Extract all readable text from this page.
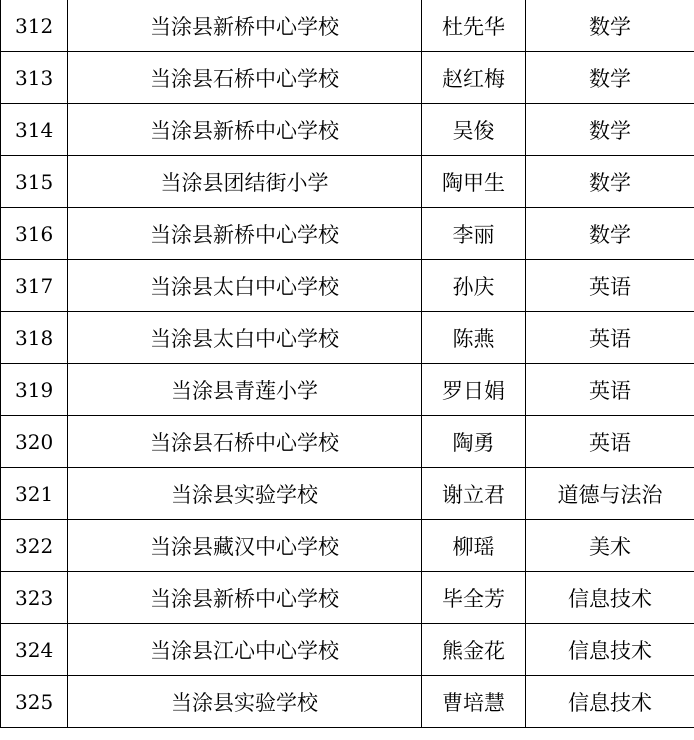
312	当涂县新桥中心学校	杜先华	数学
313	当涂县石桥中心学校	赵红梅	数学
314	当涂县新桥中心学校	吴俊	数学
315	当涂县团结街小学	陶甲生	数学
316	当涂县新桥中心学校	李丽	数学
317	当涂县太白中心学校	孙庆	英语
318	当涂县太白中心学校	陈燕	英语
319	当涂县青莲小学	罗日娟	英语
320	当涂县石桥中心学校	陶勇	英语
321	当涂县实验学校	谢立君	道德与法治
322	当涂县藏汉中心学校	柳瑶	美术
323	当涂县新桥中心学校	毕全芳	信息技术
324	当涂县江心中心学校	熊金花	信息技术
325	当涂县实验学校	曹培慧	信息技术
